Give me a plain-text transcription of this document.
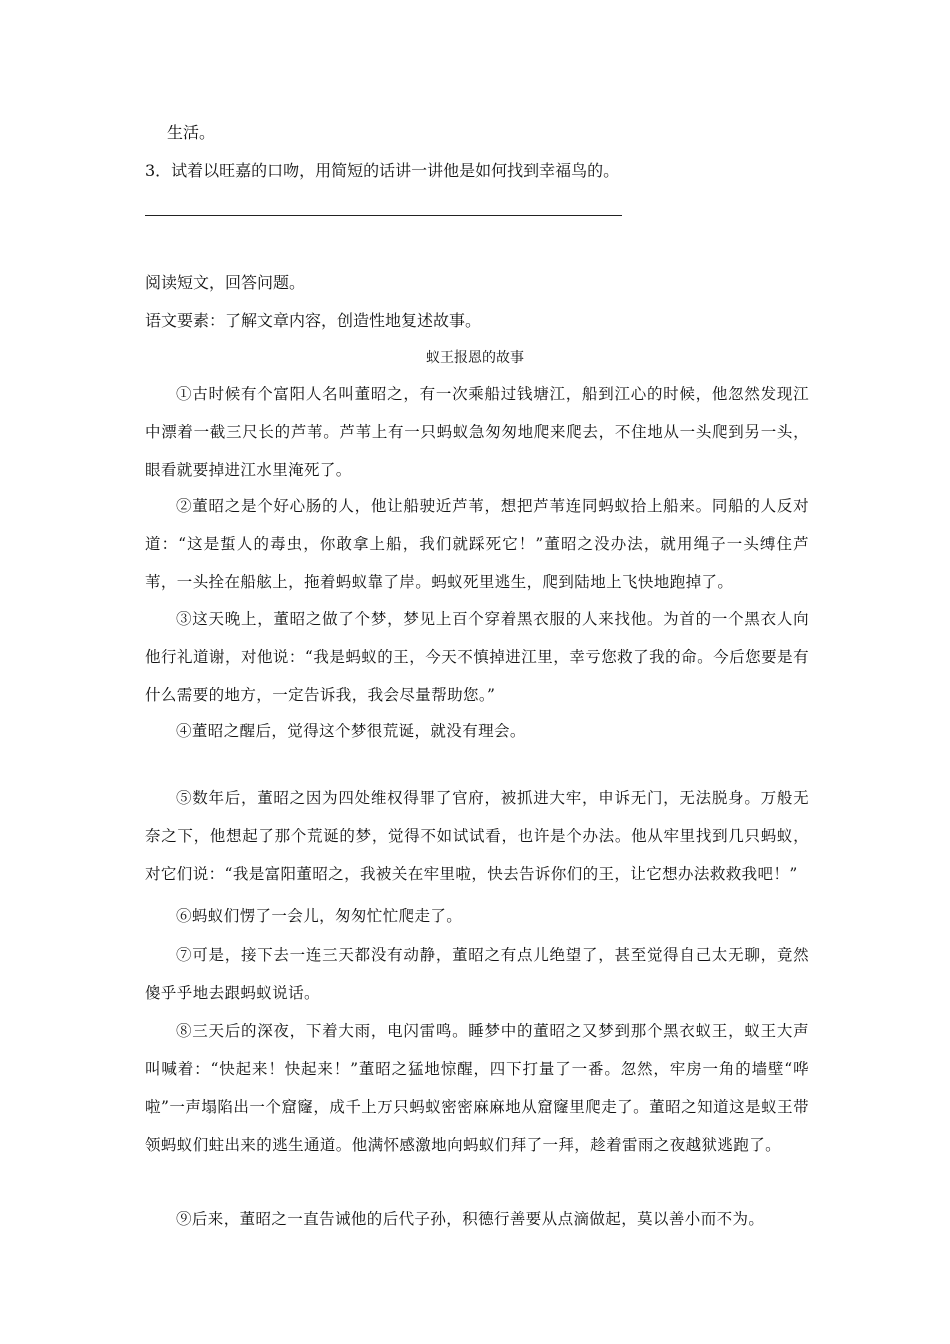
生活。
3．试着以旺嘉的口吻，用简短的话讲一讲他是如何找到幸福鸟的。
阅读短文，回答问题。
语文要素：了解文章内容，创造性地复述故事。
蚁王报恩的故事
①古时候有个富阳人名叫董昭之，有一次乘船过钱塘江，船到江心的时候，他忽然发现江中漂着一截三尺长的芦苇。芦苇上有一只蚂蚁急匆匆地爬来爬去，不住地从一头爬到另一头，眼看就要掉进江水里淹死了。
②董昭之是个好心肠的人，他让船驶近芦苇，想把芦苇连同蚂蚁拾上船来。同船的人反对道：“这是蜇人的毒虫，你敢拿上船，我们就踩死它！”董昭之没办法，就用绳子一头缚住芦苇，一头拴在船舷上，拖着蚂蚁靠了岸。蚂蚁死里逃生，爬到陆地上飞快地跑掉了。
③这天晚上，董昭之做了个梦，梦见上百个穿着黑衣服的人来找他。为首的一个黑衣人向他行礼道谢，对他说：“我是蚂蚁的王，今天不慎掉进江里，幸亏您救了我的命。今后您要是有什么需要的地方，一定告诉我，我会尽量帮助您。”
④董昭之醒后，觉得这个梦很荒诞，就没有理会。
⑤数年后，董昭之因为四处维权得罪了官府，被抓进大牢，申诉无门，无法脱身。万般无奈之下，他想起了那个荒诞的梦，觉得不如试试看，也许是个办法。他从牢里找到几只蚂蚁，对它们说：“我是富阳董昭之，我被关在牢里啦，快去告诉你们的王，让它想办法救救我吧！”
⑥蚂蚁们愣了一会儿，匆匆忙忙爬走了。
⑦可是，接下去一连三天都没有动静，董昭之有点儿绝望了，甚至觉得自己太无聊，竟然傻乎乎地去跟蚂蚁说话。
⑧三天后的深夜，下着大雨，电闪雷鸣。睡梦中的董昭之又梦到那个黑衣蚁王，蚁王大声叫喊着：“快起来！快起来！”董昭之猛地惊醒，四下打量了一番。忽然，牢房一角的墙壁“哗啦”一声塌陷出一个窟窿，成千上万只蚂蚁密密麻麻地从窟窿里爬走了。董昭之知道这是蚁王带领蚂蚁们蛀出来的逃生通道。他满怀感激地向蚂蚁们拜了一拜，趁着雷雨之夜越狱逃跑了。
⑨后来，董昭之一直告诫他的后代子孙，积德行善要从点滴做起，莫以善小而不为。
